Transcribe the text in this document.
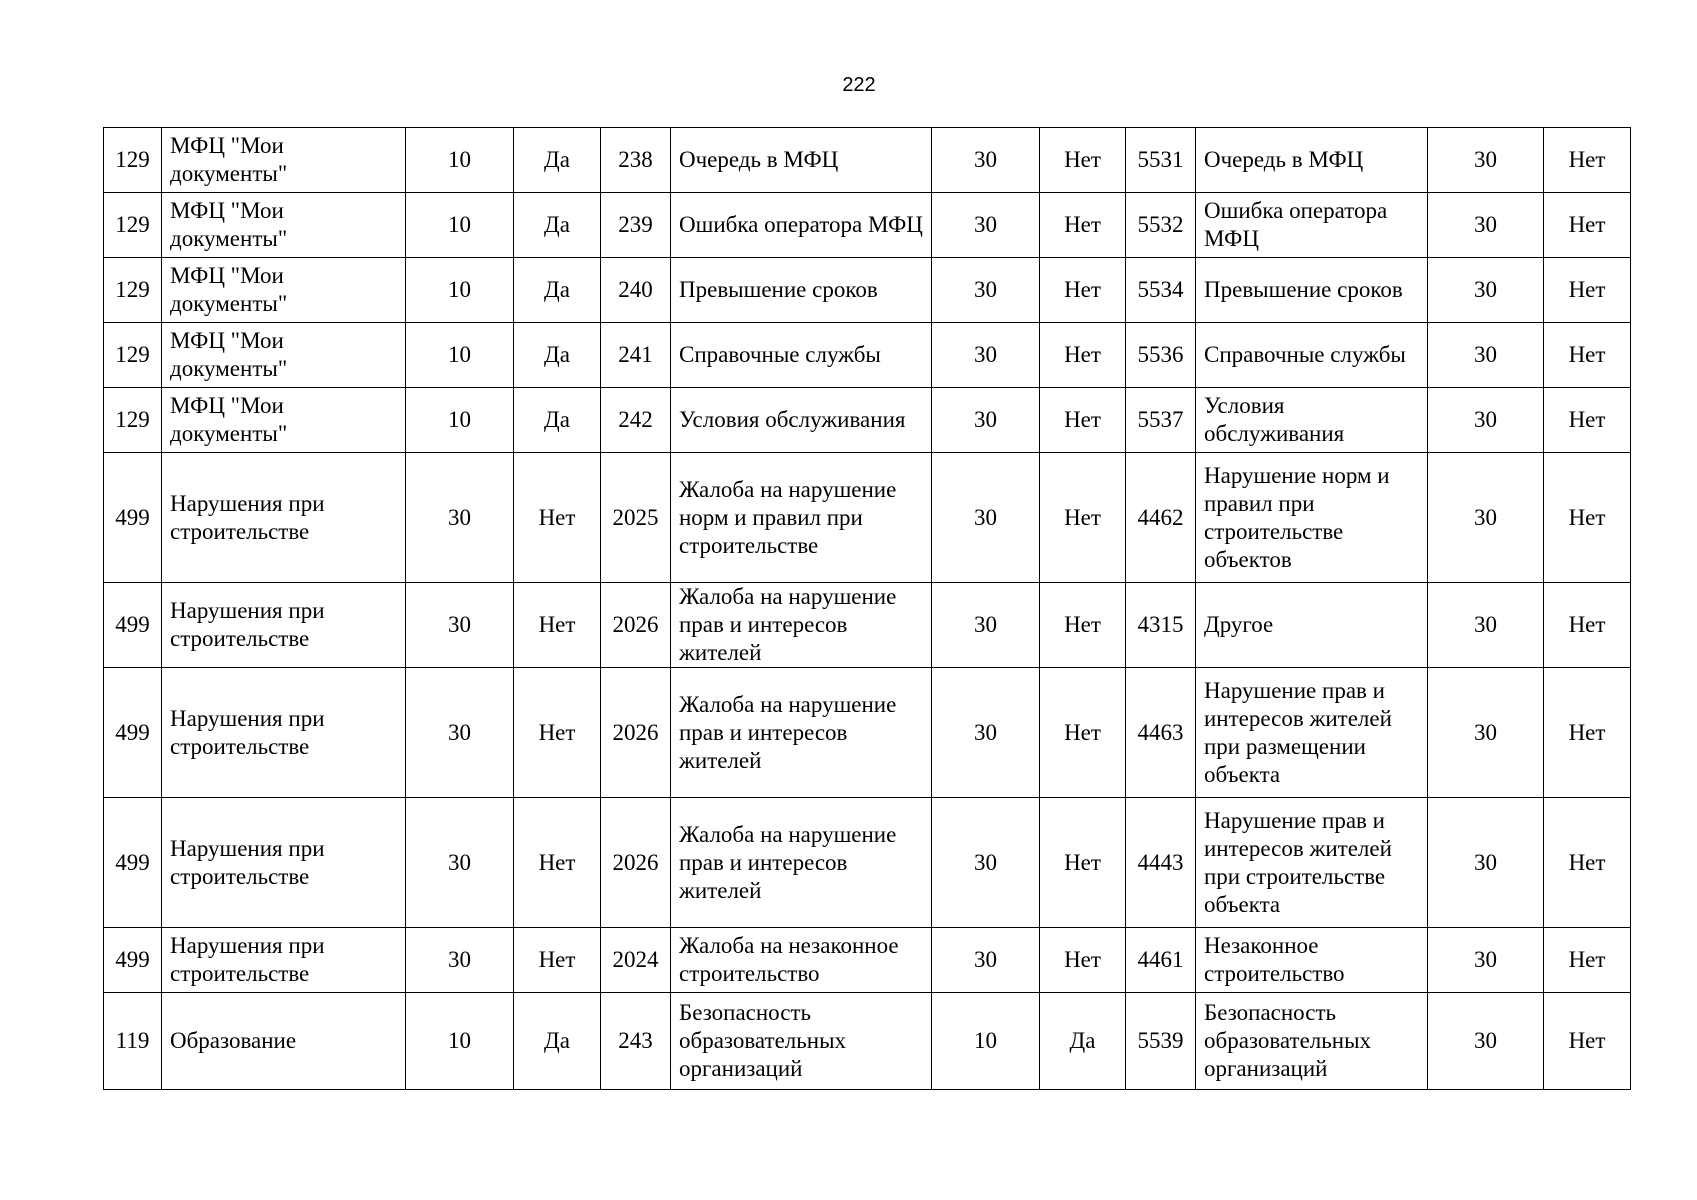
222
129	МФЦ "Мои документы"	10	Да	238	Очередь в МФЦ	30	Нет	5531	Очередь в МФЦ	30	Нет
129	МФЦ "Мои документы"	10	Да	239	Ошибка оператора МФЦ	30	Нет	5532	Ошибка оператора МФЦ	30	Нет
129	МФЦ "Мои документы"	10	Да	240	Превышение сроков	30	Нет	5534	Превышение сроков	30	Нет
129	МФЦ "Мои документы"	10	Да	241	Справочные службы	30	Нет	5536	Справочные службы	30	Нет
129	МФЦ "Мои документы"	10	Да	242	Условия обслуживания	30	Нет	5537	Условия обслуживания	30	Нет
499	Нарушения при строительстве	30	Нет	2025	Жалоба на нарушение норм и правил при строительстве	30	Нет	4462	Нарушение норм и правил при строительстве объектов	30	Нет
499	Нарушения при строительстве	30	Нет	2026	Жалоба на нарушение прав и интересов жителей	30	Нет	4315	Другое	30	Нет
499	Нарушения при строительстве	30	Нет	2026	Жалоба на нарушение прав и интересов жителей	30	Нет	4463	Нарушение прав и интересов жителей при размещении объекта	30	Нет
499	Нарушения при строительстве	30	Нет	2026	Жалоба на нарушение прав и интересов жителей	30	Нет	4443	Нарушение прав и интересов жителей при строительстве объекта	30	Нет
499	Нарушения при строительстве	30	Нет	2024	Жалоба на незаконное строительство	30	Нет	4461	Незаконное строительство	30	Нет
119	Образование	10	Да	243	Безопасность образовательных организаций	10	Да	5539	Безопасность образовательных организаций	30	Нет
